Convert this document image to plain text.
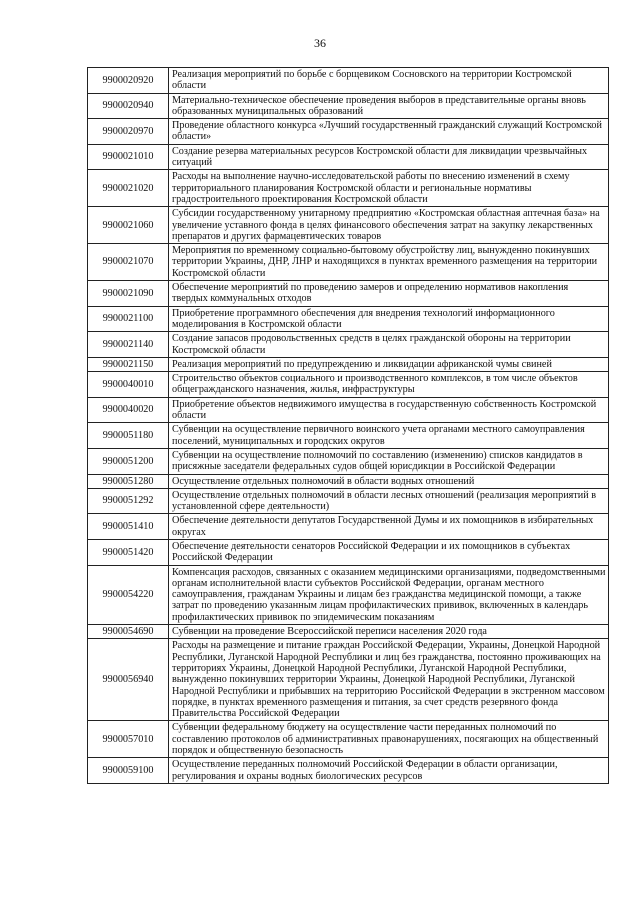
36
9900020920	Реализация мероприятий по борьбе с борщевиком Сосновского на территории Костромской области
9900020940	Материально-техническое обеспечение проведения выборов в представительные органы вновь образованных муниципальных образований
9900020970	Проведение областного конкурса «Лучший государственный гражданский служащий Костромской области»
9900021010	Создание резерва материальных ресурсов Костромской области для ликвидации чрезвычайных ситуаций
9900021020	Расходы на выполнение научно-исследовательской работы по внесению изменений в схему территориального планирования Костромской области и региональные нормативы градостроительного проектирования Костромской области
9900021060	Субсидии государственному унитарному предприятию «Костромская областная аптечная база» на увеличение уставного фонда в целях финансового обеспечения затрат на закупку лекарственных препаратов и других фармацевтических товаров
9900021070	Мероприятия по временному социально-бытовому обустройству лиц, вынужденно покинувших территории Украины, ДНР, ЛНР и находящихся в пунктах временного размещения на территории Костромской области
9900021090	Обеспечение мероприятий по проведению замеров и определению нормативов накопления твердых коммунальных отходов
9900021100	Приобретение программного обеспечения для внедрения технологий информационного моделирования в Костромской области
9900021140	Создание запасов продовольственных средств в целях гражданской обороны на территории Костромской области
9900021150	Реализация мероприятий по предупреждению и ликвидации африканской чумы свиней
9900040010	Строительство объектов социального и производственного комплексов, в том числе объектов общегражданского назначения, жилья, инфраструктуры
9900040020	Приобретение объектов недвижимого имущества в государственную собственность Костромской области
9900051180	Субвенции на осуществление первичного воинского учета органами местного самоуправления поселений, муниципальных и городских округов
9900051200	Субвенции на осуществление полномочий по составлению (изменению) списков кандидатов в присяжные заседатели федеральных судов общей юрисдикции в Российской Федерации
9900051280	Осуществление отдельных полномочий в области водных отношений
9900051292	Осуществление отдельных полномочий в области лесных отношений (реализация мероприятий в установленной сфере деятельности)
9900051410	Обеспечение деятельности депутатов Государственной Думы и их помощников в избирательных округах
9900051420	Обеспечение деятельности сенаторов Российской Федерации и их помощников в субъектах Российской Федерации
9900054220	Компенсация расходов, связанных с оказанием медицинскими организациями, подведомственными органам исполнительной власти субъектов Российской Федерации, органам местного самоуправления, гражданам Украины и лицам без гражданства медицинской помощи, а также затрат по проведению указанным лицам профилактических прививок, включенных в календарь профилактических прививок по эпидемическим показаниям
9900054690	Субвенции на проведение Всероссийской переписи населения 2020 года
9900056940	Расходы на размещение и питание граждан Российской Федерации, Украины, Донецкой Народной Республики, Луганской Народной Республики и лиц без гражданства, постоянно проживающих на территориях Украины, Донецкой Народной Республики, Луганской Народной Республики, вынужденно покинувших территории Украины, Донецкой Народной Республики, Луганской Народной Республики и прибывших на территорию Российской Федерации в экстренном массовом порядке, в пунктах временного размещения и питания, за счет средств резервного фонда Правительства Российской Федерации
9900057010	Субвенции федеральному бюджету на осуществление части переданных полномочий по составлению протоколов об административных правонарушениях, посягающих на общественный порядок и общественную безопасность
9900059100	Осуществление переданных полномочий Российской Федерации в области организации, регулирования и охраны водных биологических ресурсов
